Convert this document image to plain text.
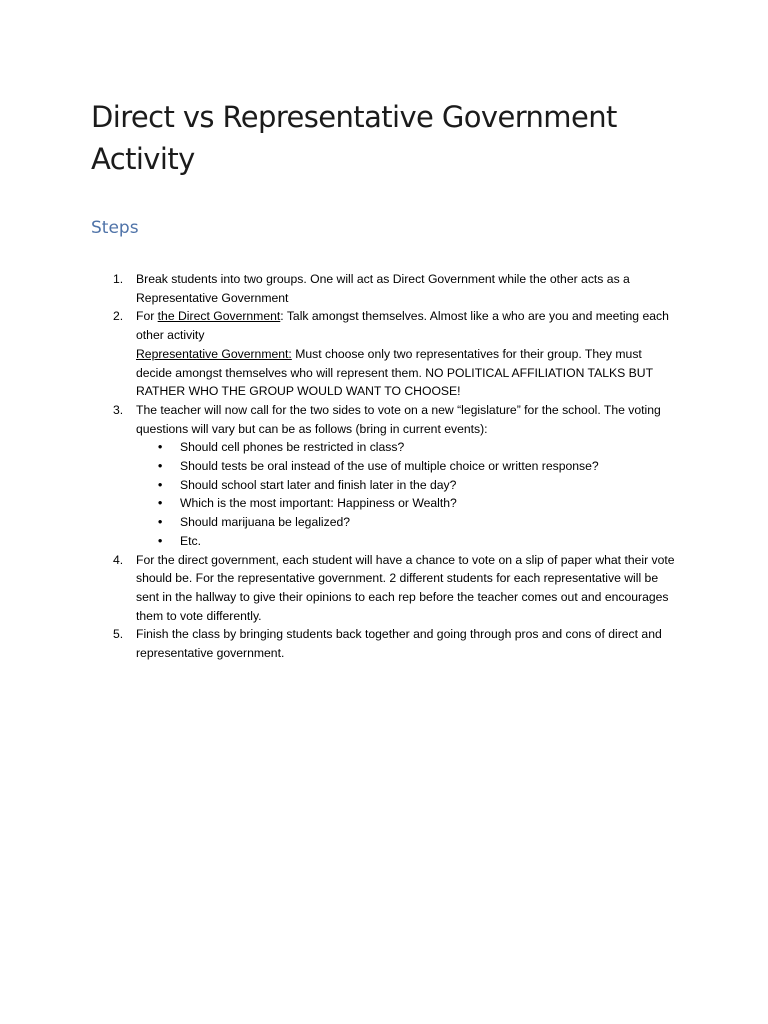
Direct vs Representative Government Activity
Steps
1. Break students into two groups. One will act as Direct Government while the other acts as a Representative Government

2. For the Direct Government: Talk amongst themselves. Almost like a who are you and meeting each other activity

Representative Government: Must choose only two representatives for their group. They must decide amongst themselves who will represent them. NO POLITICAL AFFILIATION TALKS BUT RATHER WHO THE GROUP WOULD WANT TO CHOOSE!

3. The teacher will now call for the two sides to vote on a new “legislature” for the school. The voting questions will vary but can be as follows (bring in current events):

• Should cell phones be restricted in class?
• Should tests be oral instead of the use of multiple choice or written response?
• Should school start later and finish later in the day?
• Which is the most important: Happiness or Wealth?
• Should marijuana be legalized?
• Etc.
4. For the direct government, each student will have a chance to vote on a slip of paper what their vote should be. For the representative government. 2 different students for each representative will be sent in the hallway to give their opinions to each rep before the teacher comes out and encourages them to vote differently.

5. Finish the class by bringing students back together and going through pros and cons of direct and representative government.
